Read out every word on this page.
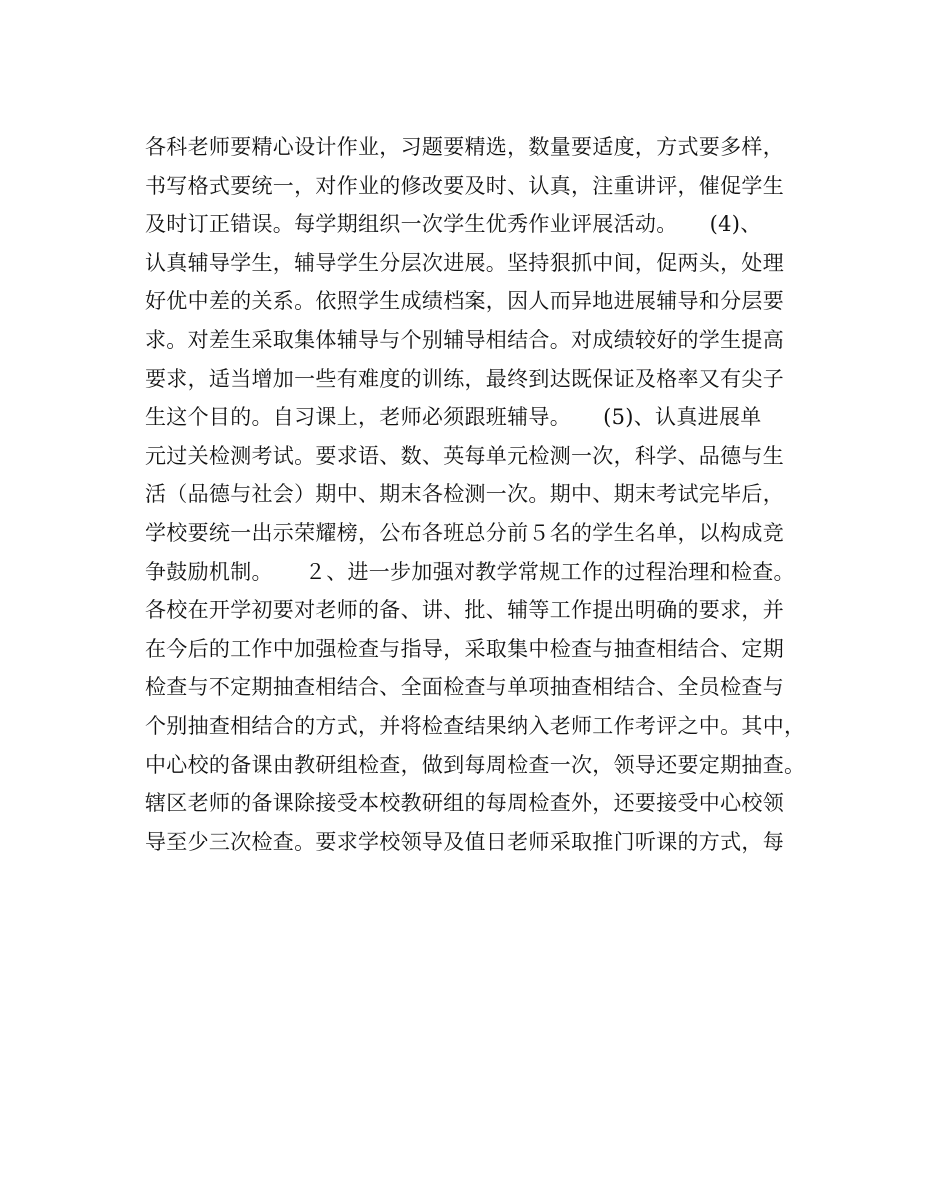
各科老师要精心设计作业，习题要精选，数量要适度，方式要多样，
书写格式要统一，对作业的修改要及时、认真，注重讲评，催促学生
及时订正错误。每学期组织一次学生优秀作业评展活动。　　(4)、
认真辅导学生，辅导学生分层次进展。坚持狠抓中间，促两头，处理
好优中差的关系。依照学生成绩档案，因人而异地进展辅导和分层要
求。对差生采取集体辅导与个别辅导相结合。对成绩较好的学生提高
要求，适当增加一些有难度的训练，最终到达既保证及格率又有尖子
生这个目的。自习课上，老师必须跟班辅导。　　(5)、认真进展单
元过关检测考试。要求语、数、英每单元检测一次，科学、品德与生
活（品德与社会）期中、期末各检测一次。期中、期末考试完毕后，
学校要统一出示荣耀榜，公布各班总分前５名的学生名单，以构成竞
争鼓励机制。　　２、进一步加强对教学常规工作的过程治理和检查。
各校在开学初要对老师的备、讲、批、辅等工作提出明确的要求，并
在今后的工作中加强检查与指导，采取集中检查与抽查相结合、定期
检查与不定期抽查相结合、全面检查与单项抽查相结合、全员检查与
个别抽查相结合的方式，并将检查结果纳入老师工作考评之中。其中，
中心校的备课由教研组检查，做到每周检查一次，领导还要定期抽查。
辖区老师的备课除接受本校教研组的每周检查外，还要接受中心校领
导至少三次检查。要求学校领导及值日老师采取推门听课的方式，每
